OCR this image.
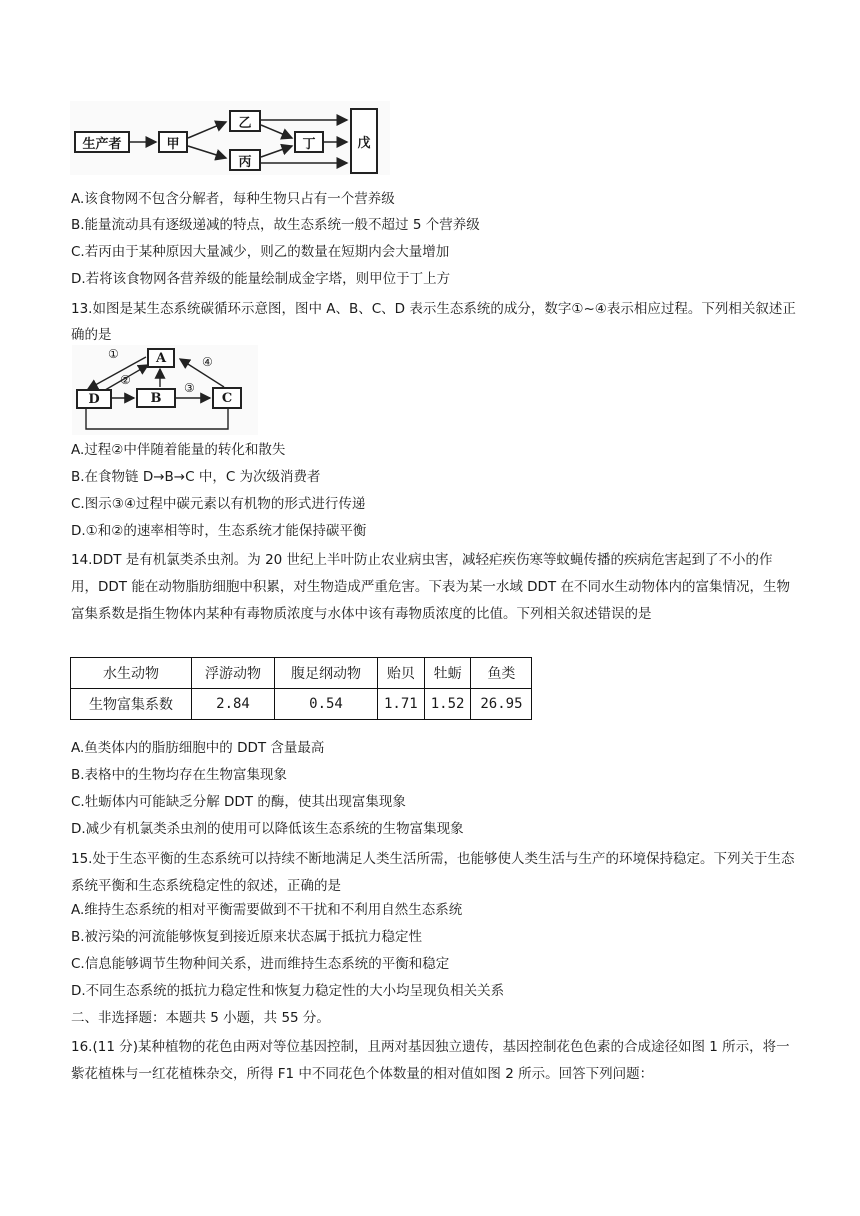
生产者	甲
乙
丙
丁	戊
A.该食物网不包含分解者，每种生物只占有一个营养级
B.能量流动具有逐级递减的特点，故生态系统一般不超过 5 个营养级
C.若丙由于某种原因大量减少，则乙的数量在短期内会大量增加
D.若将该食物网各营养级的能量绘制成金字塔，则甲位于丁上方
13.如图是某生态系统碳循环示意图，图中 A、B、C、D 表示生态系统的成分，数字①~④表示相应过程。下列相关叙述正确的是
A
D	B	C
①
②
③
④
A.过程②中伴随着能量的转化和散失
B.在食物链 D→B→C 中，C 为次级消费者
C.图示③④过程中碳元素以有机物的形式进行传递
D.①和②的速率相等时，生态系统才能保持碳平衡
14.DDT 是有机氯类杀虫剂。为 20 世纪上半叶防止农业病虫害，减轻疟疾伤寒等蚊蝇传播的疾病危害起到了不小的作用，DDT 能在动物脂肪细胞中积累，对生物造成严重危害。下表为某一水域 DDT 在不同水生动物体内的富集情况，生物富集系数是指生物体内某种有毒物质浓度与水体中该有毒物质浓度的比值。下列相关叙述错误的是
水生动物	浮游动物	腹足纲动物	贻贝	牡蛎	鱼类
生物富集系数	2.84	0.54	1.71	1.52	26.95
A.鱼类体内的脂肪细胞中的 DDT 含量最高
B.表格中的生物均存在生物富集现象
C.牡蛎体内可能缺乏分解 DDT 的酶，使其出现富集现象
D.减少有机氯类杀虫剂的使用可以降低该生态系统的生物富集现象
15.处于生态平衡的生态系统可以持续不断地满足人类生活所需，也能够使人类生活与生产的环境保持稳定。下列关于生态系统平衡和生态系统稳定性的叙述，正确的是
A.维持生态系统的相对平衡需要做到不干扰和不利用自然生态系统
B.被污染的河流能够恢复到接近原来状态属于抵抗力稳定性
C.信息能够调节生物种间关系，进而维持生态系统的平衡和稳定
D.不同生态系统的抵抗力稳定性和恢复力稳定性的大小均呈现负相关关系
二、非选择题：本题共 5 小题，共 55 分。
16.(11 分)某种植物的花色由两对等位基因控制，且两对基因独立遗传，基因控制花色色素的合成途径如图 1 所示，将一紫花植株与一红花植株杂交，所得 F1 中不同花色个体数量的相对值如图 2 所示。回答下列问题：
